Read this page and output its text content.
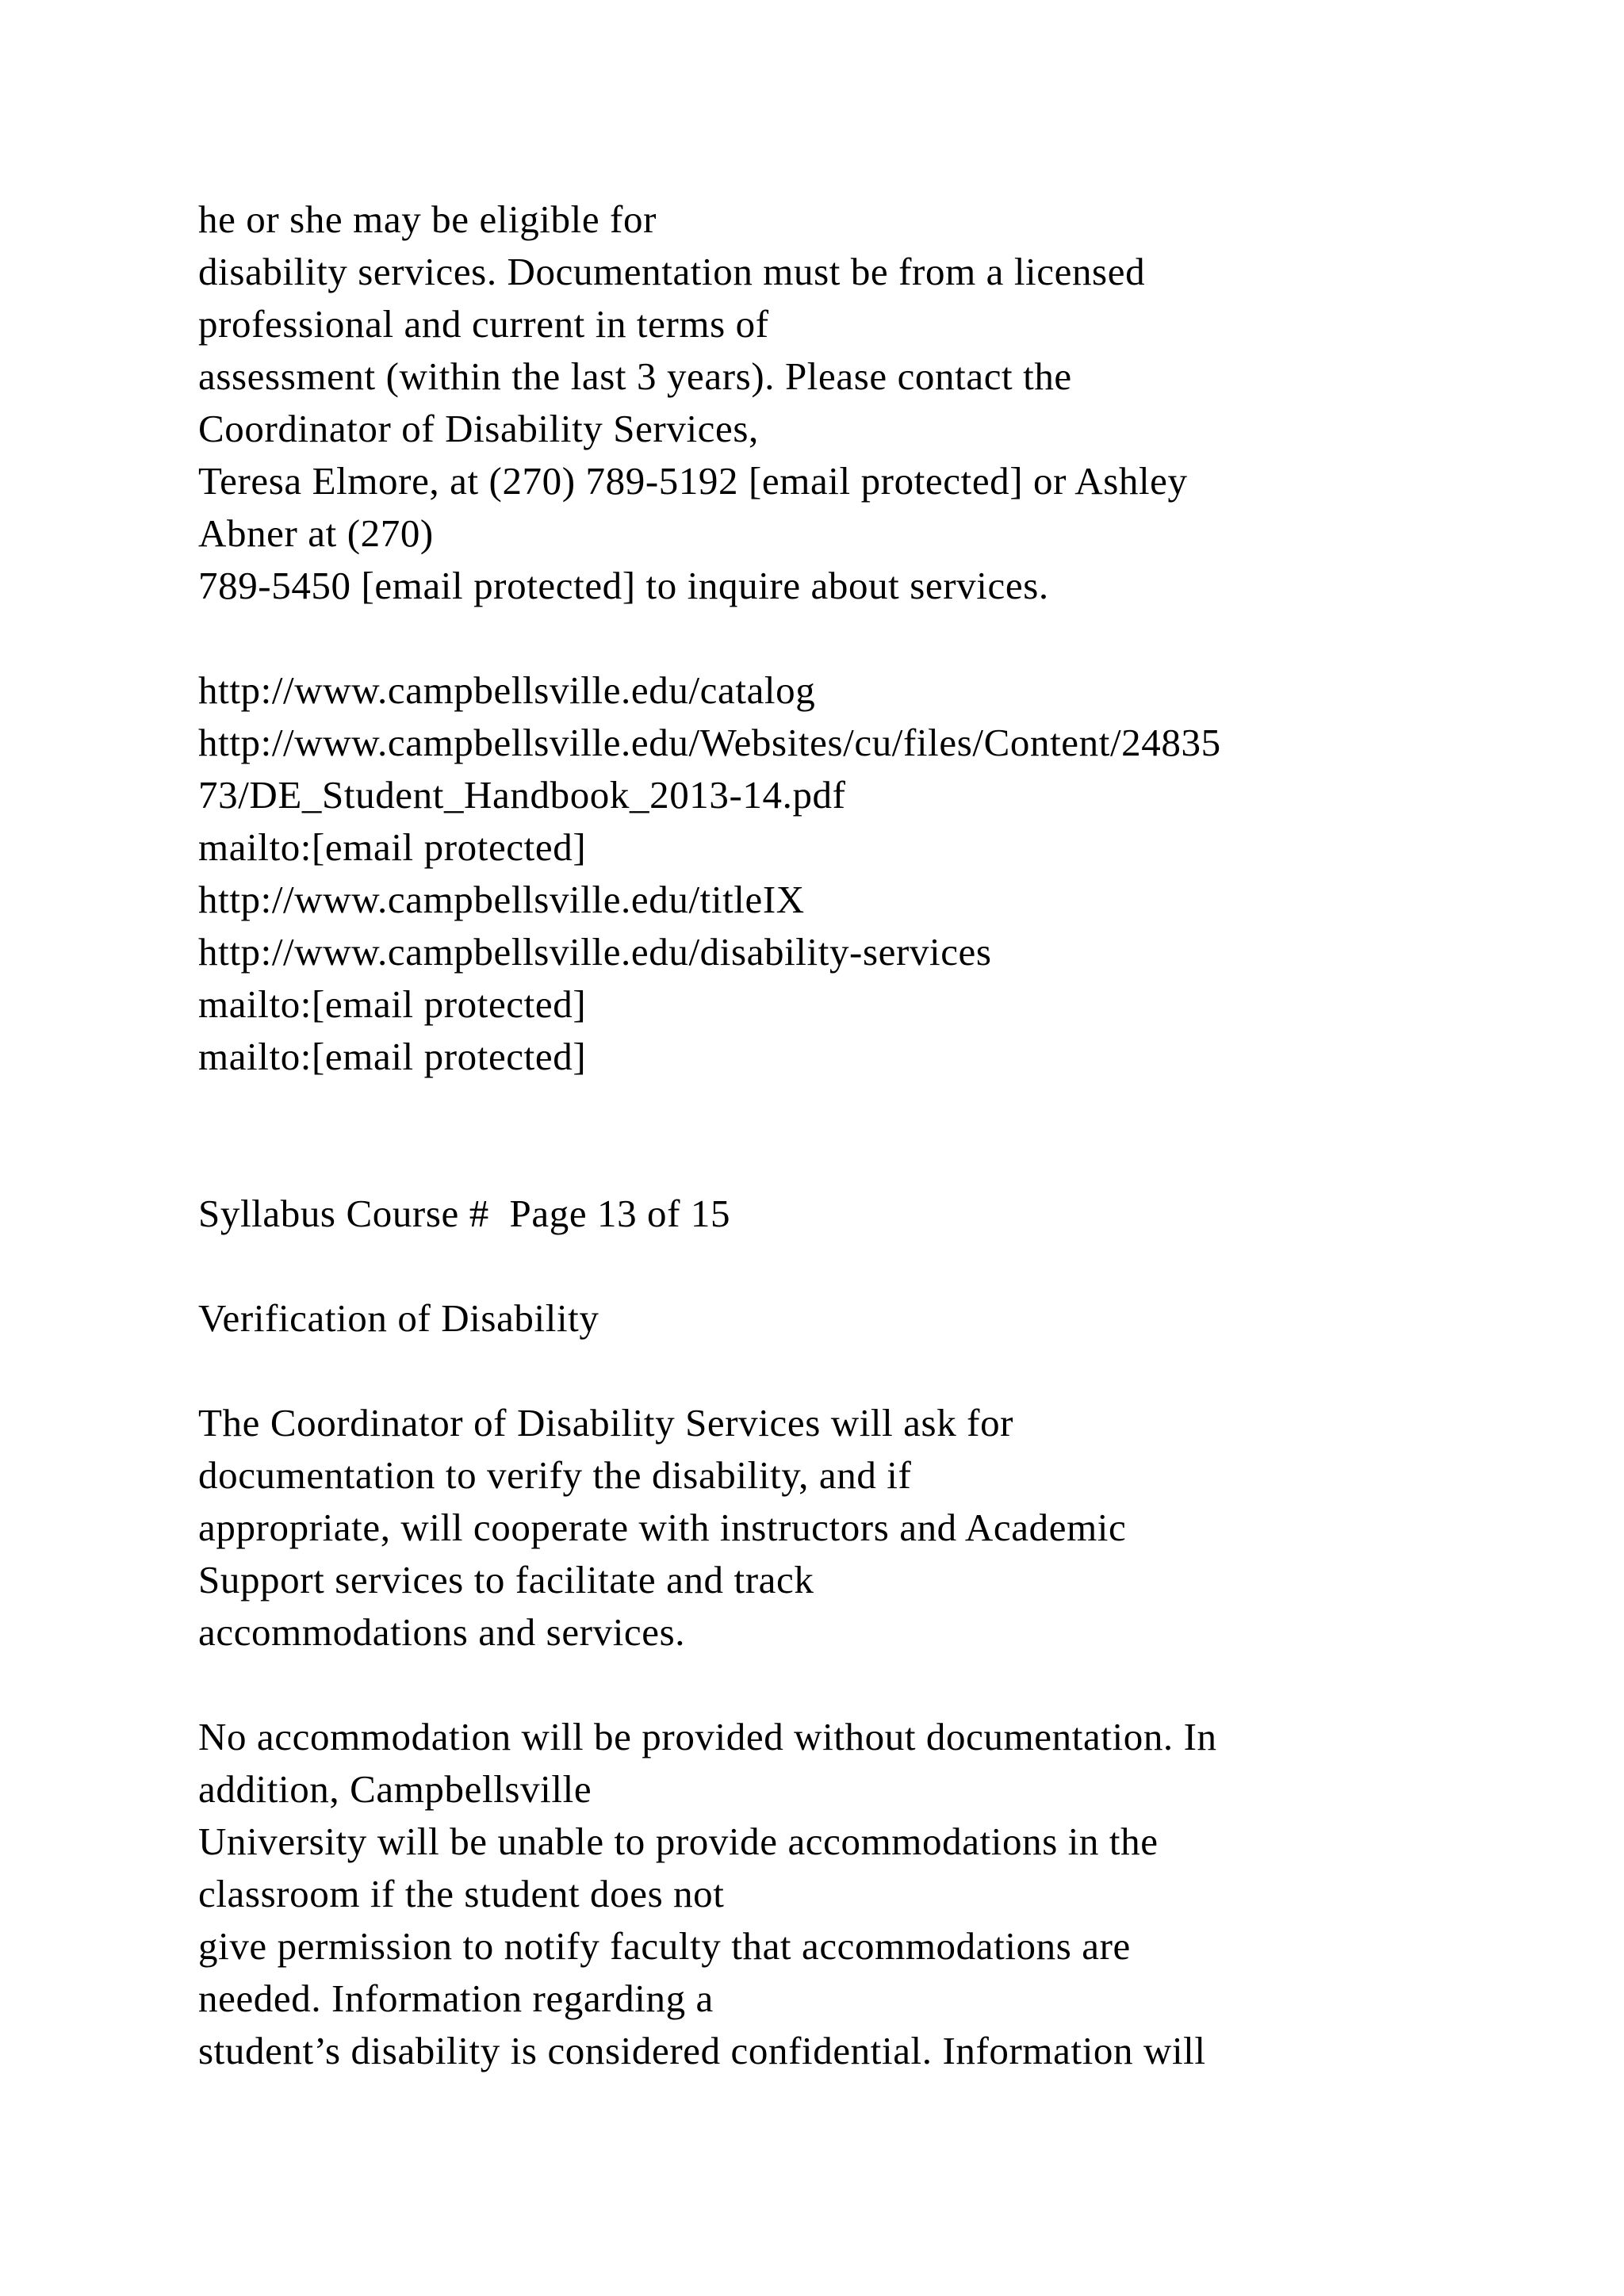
he or she may be eligible for
disability services. Documentation must be from a licensed
professional and current in terms of
assessment (within the last 3 years). Please contact the
Coordinator of Disability Services,
Teresa Elmore, at (270) 789-5192 [email protected] or Ashley
Abner at (270)
789-5450 [email protected] to inquire about services.
http://www.campbellsville.edu/catalog
http://www.campbellsville.edu/Websites/cu/files/Content/24835
73/DE_Student_Handbook_2013-14.pdf
mailto:[email protected]
http://www.campbellsville.edu/titleIX
http://www.campbellsville.edu/disability-services
mailto:[email protected]
mailto:[email protected]
Syllabus Course #  Page 13 of 15
Verification of Disability
The Coordinator of Disability Services will ask for
documentation to verify the disability, and if
appropriate, will cooperate with instructors and Academic
Support services to facilitate and track
accommodations and services.
No accommodation will be provided without documentation. In
addition, Campbellsville
University will be unable to provide accommodations in the
classroom if the student does not
give permission to notify faculty that accommodations are
needed. Information regarding a
student’s disability is considered confidential. Information will
